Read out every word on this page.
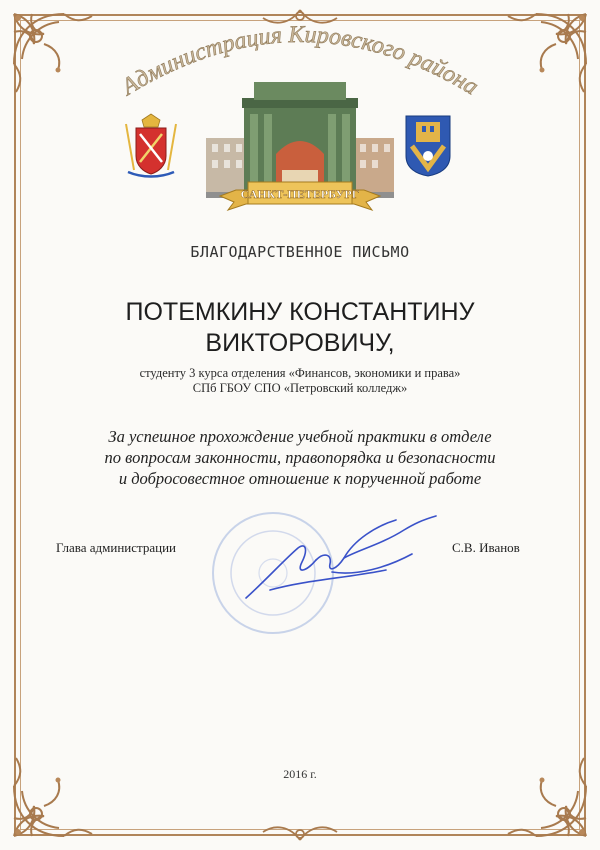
Администрация Кировского района
САНКТ-ПЕТЕРБУРГ
БЛАГОДАРСТВЕННОЕ ПИСЬМО
ПОТЕМКИНУ КОНСТАНТИНУ
ВИКТОРОВИЧУ,
студенту 3 курса отделения «Финансов, экономики и права»
СПб ГБОУ СПО «Петровский колледж»
За успешное прохождение учебной практики в отделе
по вопросам законности, правопорядка и безопасности
и добросовестное отношение к порученной работе
Глава администрации	С.В. Иванов
2016 г.
